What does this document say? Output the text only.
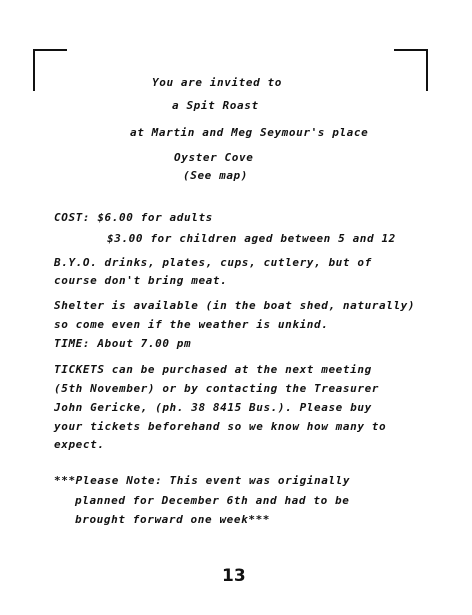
You are invited to
a Spit Roast
at Martin and Meg Seymour's place
Oyster Cove
(See map)
COST: $6.00 for adults
$3.00 for children aged between 5 and 12
B.Y.O. drinks, plates, cups, cutlery, but of
course don't bring meat.
Shelter is available (in the boat shed, naturally)
so come even if the weather is unkind.
TIME: About 7.00 pm
TICKETS can be purchased at the next meeting
(5th November) or by contacting the Treasurer
John Gericke, (ph. 38 8415 Bus.). Please buy
your tickets beforehand so we know how many to
expect.
***Please Note: This event was originally
planned for December 6th and had to be
brought forward one week***
13
